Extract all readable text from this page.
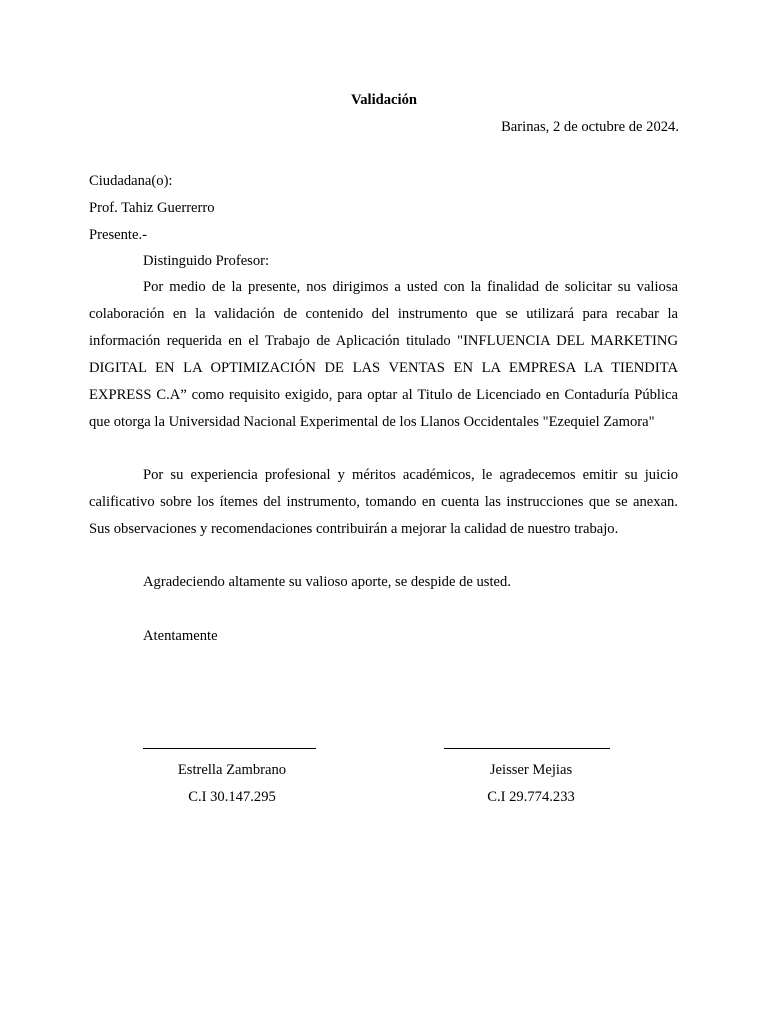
Validación
Barinas, 2 de octubre de 2024.
Ciudadana(o):
Prof. Tahiz Guerrerro
Presente.-
Distinguido Profesor:
Por medio de la presente, nos dirigimos a usted con la finalidad de solicitar su valiosa colaboración en la validación de contenido del instrumento que se utilizará para recabar la información requerida en el Trabajo de Aplicación titulado "INFLUENCIA DEL MARKETING DIGITAL EN LA OPTIMIZACIÓN DE LAS VENTAS EN LA EMPRESA LA TIENDITA EXPRESS C.A” como requisito exigido, para optar al Titulo de Licenciado en Contaduría Pública que otorga la Universidad Nacional Experimental de los Llanos Occidentales "Ezequiel Zamora"
Por su experiencia profesional y méritos académicos, le agradecemos emitir su juicio calificativo sobre los ítemes del instrumento, tomando en cuenta las instrucciones que se anexan. Sus observaciones y recomendaciones contribuirán a mejorar la calidad de nuestro trabajo.
Agradeciendo altamente su valioso aporte, se despide de usted.
Atentamente
Estrella Zambrano
C.I 30.147.295
Jeisser Mejias
C.I 29.774.233
